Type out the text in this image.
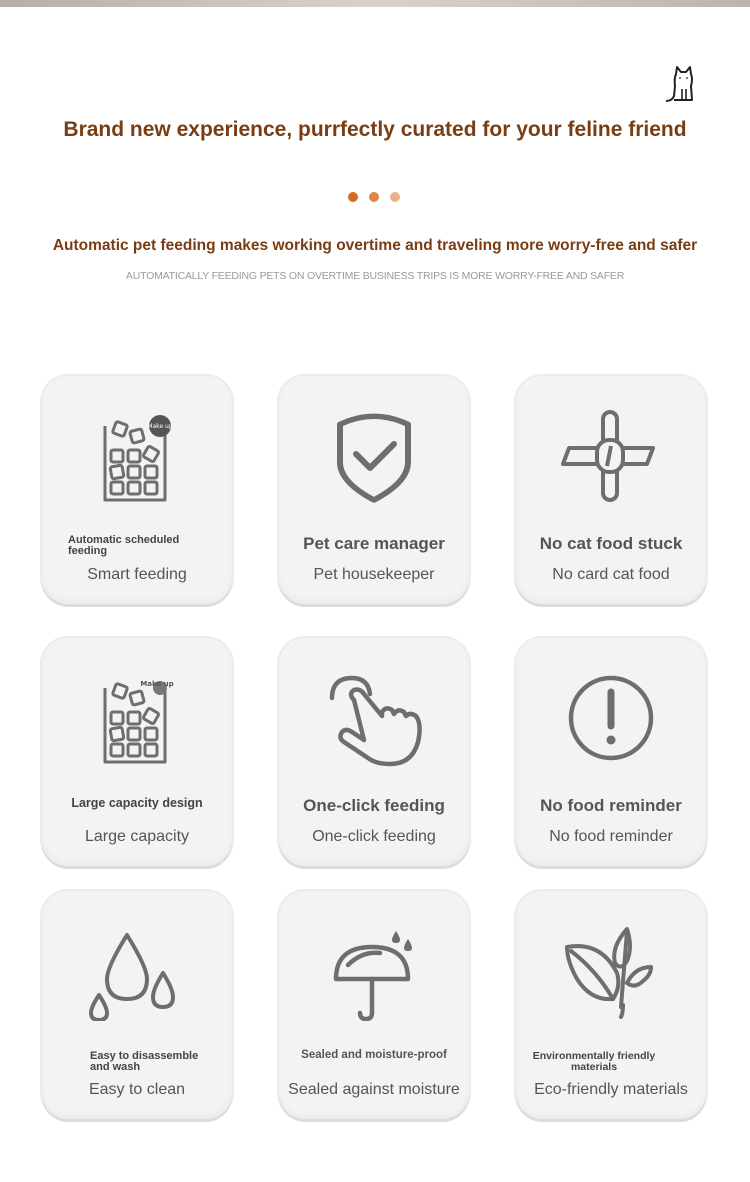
Brand new experience, purrfectly curated for your feline friend
Automatic pet feeding makes working overtime and traveling more worry-free and safer
AUTOMATICALLY FEEDING PETS ON OVERTIME BUSINESS TRIPS IS MORE WORRY-FREE AND SAFER
Make up
Automatic scheduled feeding
Smart feeding
Pet care manager
Pet housekeeper
No cat food stuck
No card cat food
Make up
Large capacity design
Large capacity
One-click feeding
One-click feeding
No food reminder
No food reminder
Easy to disassemble and wash
Easy to clean
Sealed and moisture-proof
Sealed against moisture
Environmentally friendly materials
Eco-friendly materials
